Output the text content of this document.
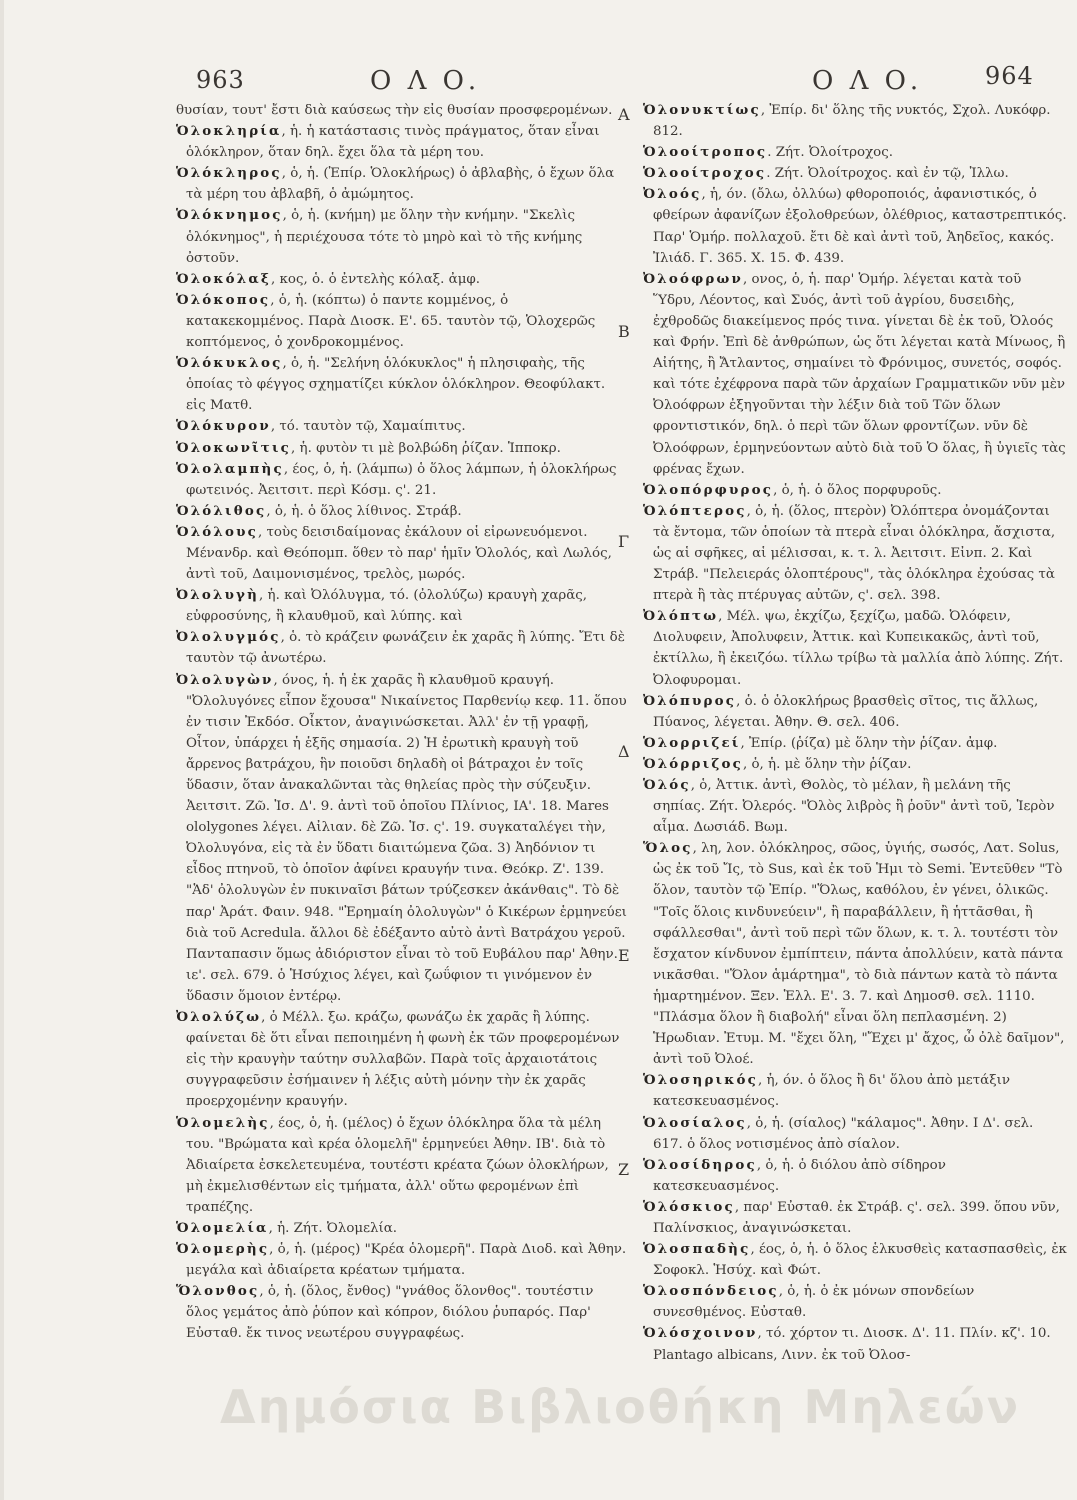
963	Ο Λ Ο.	Ο Λ Ο.	964
θυσίαν, τουτ' ἔστι διὰ καύσεως τὴν εἰς θυσίαν προσφερομένων.
Ὁλοκληρία, ἡ. ἡ κατάστασις τινὸς πράγματος, ὅταν εἶναι ὁλόκληρον, ὅταν δηλ. ἔχει ὅλα τὰ μέρη του.
Ὁλόκληρος, ὁ, ἡ. (Ἐπίρ. Ὁλοκλήρως) ὁ ἀβλαβὴς, ὁ ἔχων ὅλα τὰ μέρη του ἀβλαβῆ, ὁ ἀμώμητος.
Ὁλόκνημος, ὁ, ἡ. (κνήμη) με ὅλην τὴν κνήμην. "Σκελὶς ὁλόκνημος", ἡ περιέχουσα τότε τὸ μηρὸ καὶ τὸ τῆς κνήμης ὀστοῦν.
Ὁλοκόλαξ, κος, ὁ. ὁ ἐντελὴς κόλαξ. ἀμφ.
Ὁλόκοπος, ὁ, ἡ. (κόπτω) ὁ παντε κομμένος, ὁ κατακεκομμένος. Παρὰ Διοσκ. Ε'. 65. ταυτὸν τῷ, Ὁλοχερῶς κοπτόμενος, ὁ χονδροκομμένος.
Ὁλόκυκλος, ὁ, ἡ. "Σελήνη ὁλόκυκλος" ἡ πλησιφαὴς, τῆς ὁποίας τὸ φέγγος σχηματίζει κύκλον ὁλόκληρον. Θεοφύλακτ. εἰς Ματθ.
Ὁλόκυρον, τό. ταυτὸν τῷ, Χαμαίπιτυς.
Ὁλοκωνῖτις, ἡ. φυτὸν τι μὲ βολβώδη ῥίζαν. Ἱπποκρ.
Ὁλολαμπὴς, έος, ὁ, ἡ. (λάμπω) ὁ ὅλος λάμπων, ἡ ὁλοκλήρως φωτεινός. Ἀειτσιτ. περὶ Κόσμ. ς'. 21.
Ὁλόλιθος, ὁ, ἡ. ὁ ὅλος λίθινος. Στράβ.
Ὁλόλους, τοὺς δεισιδαίμονας ἐκάλουν οἱ εἰρωνευόμενοι. Μένανδρ. καὶ Θεόπομπ. ὅθεν τὸ παρ' ἡμῖν Ὁλολός, καὶ Λωλός, ἀντὶ τοῦ, Δαιμονισμένος, τρελὸς, μωρός.
Ὀλολυγὴ, ἡ. καὶ Ὀλόλυγμα, τό. (ὀλολύζω) κραυγὴ χαρᾶς, εὐφροσύνης, ἢ κλαυθμοῦ, καὶ λύπης. καὶ
Ὀλολυγμός, ὁ. τὸ κράζειν φωνάζειν ἐκ χαρᾶς ἢ λύπης. Ἔτι δὲ ταυτὸν τῷ ἀνωτέρω.
Ὀλολυγὼν, όνος, ἡ. ἡ ἐκ χαρᾶς ἢ κλαυθμοῦ κραυγή. "Ὀλολυγόνες εἶπον ἔχουσα" Νικαίνετος Παρθενίῳ κεφ. 11. ὅπου ἐν τισιν Ἐκδόσ. Οἶκτον, ἀναγινώσκεται. Ἀλλ' ἐν τῇ γραφῇ, Οἶτον, ὑπάρχει ἡ ἑξῆς σημασία. 2) Ἡ ἐρωτικὴ κραυγὴ τοῦ ἄρρενος βατράχου, ἣν ποιοῦσι δηλαδὴ οἱ βάτραχοι ἐν τοῖς ὕδασιν, ὅταν ἀνακαλῶνται τὰς θηλείας πρὸς τὴν σύζευξιν. Ἀειτσιτ. Ζῶ. Ἰσ. Δ'. 9. ἀντὶ τοῦ ὁποῖου Πλίνιος, ΙΑ'. 18. Mares ololygones λέγει. Αἰλιαν. δὲ Ζῶ. Ἱσ. ς'. 19. συγκαταλέγει τὴν, Ὀλολυγόνα, εἰς τὰ ἐν ὕδατι διαιτώμενα ζῶα. 3) Ἀηδόνιον τι εἶδος πτηνοῦ, τὸ ὁποῖον ἀφίνει κραυγήν τινα. Θεόκρ. Ζ'. 139. "Ἁδ' ὀλολυγὼν ἐν πυκιναῖσι βάτων τρύζεσκεν ἀκάνθαις". Τὸ δὲ παρ' Ἀράτ. Φαιν. 948. "Ἐρημαίη ὀλολυγὼν" ὁ Κικέρων ἑρμηνεύει διὰ τοῦ Acredula. ἄλλοι δὲ ἐδέξαντο αὐτὸ ἀντὶ Βατράχου γεροῦ. Πανταπασιν ὅμως ἀδιόριστον εἶναι τὸ τοῦ Ευβάλου παρ' Ἀθην. ιε'. σελ. 679. ὁ Ἡσύχιος λέγει, καὶ ζωΰφιον τι γινόμενον ἐν ὕδασιν ὅμοιον ἐντέρῳ.
Ὀλολύζω, ὁ Μέλλ. ξω. κράζω, φωνάζω ἐκ χαρᾶς ἢ λύπης. φαίνεται δὲ ὅτι εἶναι πεποιημένη ἡ φωνὴ ἐκ τῶν προφερομένων εἰς τὴν κραυγὴν ταύτην συλλαβῶν. Παρὰ τοῖς ἀρχαιοτάτοις συγγραφεῦσιν ἐσήμαινεν ἡ λέξις αὐτὴ μόνην τὴν ἐκ χαρᾶς προερχομένην κραυγήν.
Ὁλομελὴς, έος, ὁ, ἡ. (μέλος) ὁ ἔχων ὁλόκληρα ὅλα τὰ μέλη του. "Βρώματα καὶ κρέα ὁλομελῆ" ἑρμηνεύει Ἀθην. ΙΒ'. διὰ τὸ Ἀδιαίρετα ἐσκελετευμένα, τουτέστι κρέατα ζώων ὁλοκλήρων, μὴ ἐκμελισθέντων εἰς τμήματα, ἀλλ' οὕτω φερομένων ἐπὶ τραπέζης.
Ὁλομελία, ἡ. Ζήτ. Ὀλομελία.
Ὁλομερὴς, ὁ, ἡ. (μέρος) "Κρέα ὁλομερῆ". Παρὰ Διοδ. καὶ Ἀθην. μεγάλα καὶ ἀδιαίρετα κρέατων τμήματα.
Ὅλονθος, ὁ, ἡ. (ὅλος, ἔνθος) "γνάθος ὅλονθος". τουτέστιν ὅλος γεμάτος ἀπὸ ῥύπον καὶ κόπρον, διόλου ῥυπαρός. Παρ' Εὐσταθ. ἔκ τινος νεωτέρου συγγραφέως.
Α
Β
Γ
Δ
Ε
Ζ
Ὁλονυκτίως, Ἐπίρ. δι' ὅλης τῆς νυκτός, Σχολ. Λυκόφρ. 812.
Ὁλοοίτροπος. Ζήτ. Ὀλοίτροχος.
Ὁλοοίτροχος. Ζήτ. Ὀλοίτροχος. καὶ ἐν τῷ, Ἰλλω.
Ὀλοός, ἡ, όν. (ὄλω, ὀλλύω) φθοροποιός, ἀφανιστικός, ὁ φθείρων ἀφανίζων ἐξολοθρεύων, ὀλέθριος, καταστρεπτικός. Παρ' Ὁμήρ. πολλαχοῦ. ἔτι δὲ καὶ ἀντὶ τοῦ, Ἀηδεῖος, κακός. Ἰλιάδ. Γ. 365. Χ. 15. Φ. 439.
Ὀλοόφρων, ονος, ὁ, ἡ. παρ' Ὁμήρ. λέγεται κατὰ τοῦ Ὕδρυ, Λέοντος, καὶ Συός, ἀντὶ τοῦ ἀγρίου, δυσειδὴς, ἐχθροδῶς διακείμενος πρός τινα. γίνεται δὲ ἐκ τοῦ, Ὀλοός καὶ Φρήν. Ἐπὶ δὲ ἀνθρώπων, ὡς ὅτι λέγεται κατὰ Μίνωος, ἢ Αἰήτης, ἢ Ἄτλαντος, σημαίνει τὸ Φρόνιμος, συνετός, σοφός. καὶ τότε ἐχέφρονα παρὰ τῶν ἀρχαίων Γραμματικῶν νῦν μὲν Ὀλοόφρων ἐξηγοῦνται τὴν λέξιν διὰ τοῦ Τῶν ὅλων φροντιστικόν, δηλ. ὁ περὶ τῶν ὅλων φροντίζων. νῦν δὲ Ὀλοόφρων, ἑρμηνεύοντων αὐτὸ διὰ τοῦ Ὁ ὅλας, ἢ ὑγιεῖς τὰς φρένας ἔχων.
Ὁλοπόρφυρος, ὁ, ἡ. ὁ ὅλος πορφυροῦς.
Ὁλόπτερος, ὁ, ἡ. (ὅλος, πτερὸν) Ὀλόπτερα ὀνομάζονται τὰ ἔντομα, τῶν ὁποίων τὰ πτερὰ εἶναι ὁλόκληρα, ἄσχιστα, ὡς αἱ σφῆκες, αἱ μέλισσαι, κ. τ. λ. Ἀειτσιτ. Εἰνπ. 2. Καὶ Στράβ. "Πελειεράς ὁλοπτέρους", τὰς ὁλόκληρα ἐχούσας τὰ πτερὰ ἢ τὰς πτέρυγας αὐτῶν, ς'. σελ. 398.
Ὀλόπτω, Μέλ. ψω, ἐκχίζω, ξεχίζω, μαδῶ. Ὀλόφειν, Διολυφειν, Ἀπολυφειν, Ἀττικ. καὶ Κυπεικακῶς, ἀντὶ τοῦ, ἐκτίλλω, ἢ ἐκειζόω. τίλλω τρίβω τὰ μαλλία ἀπὸ λύπης. Ζήτ. Ὀλοφυρομαι.
Ὀλόπυρος, ὁ. ὁ ὁλοκλήρως βρασθεὶς σῖτος, τις ἄλλως, Πύανος, λέγεται. Ἀθην. Θ. σελ. 406.
Ὁλορριζεί, Ἐπίρ. (ῥίζα) μὲ ὅλην τὴν ῥίζαν. ἀμφ.
Ὁλόρριζος, ὁ, ἡ. μὲ ὅλην τὴν ῥίζαν.
Ὁλός, ὁ, Ἀττικ. ἀντὶ, Θολὸς, τὸ μέλαν, ἢ μελάνη τῆς σηπίας. Ζήτ. Ὀλερός. "Ὀλὸς λιβρὸς ἢ ῥοῦν" ἀντὶ τοῦ, Ἱερὸν αἷμα. Δωσιάδ. Βωμ.
Ὅλος, λη, λον. ὁλόκληρος, σῶος, ὑγιής, σωσός, Λατ. Solus, ὡς ἐκ τοῦ Ἴς, τὸ Sus, καὶ ἐκ τοῦ Ἡμι τὸ Semi. Ἐντεῦθεν "Τὸ ὅλον, ταυτὸν τῷ Ἐπίρ. "Ὅλως, καθόλου, ἐν γένει, ὁλικῶς. "Τοῖς ὅλοις κινδυνεύειν", ἢ παραβάλλειν, ἢ ἡττᾶσθαι, ἢ σφάλλεσθαι", ἀντὶ τοῦ περὶ τῶν ὅλων, κ. τ. λ. τουτέστι τὸν ἔσχατον κίνδυνον ἐμπίπτειν, πάντα ἀπολλύειν, κατὰ πάντα νικᾶσθαι. "Ὅλον ἁμάρτημα", τὸ διὰ πάντων κατὰ τὸ πάντα ἡμαρτημένον. Ξεν. Ἑλλ. Ε'. 3. 7. καὶ Δημοσθ. σελ. 1110. "Πλάσμα ὅλον ἢ διαβολή" εἶναι ὅλη πεπλασμένη. 2) Ἡρωδιαν. Ἐτυμ. Μ. "ἔχει ὅλη, "Ἔχει μ' ἄχος, ὦ ὀλὲ δαῖμον", ἀντὶ τοῦ Ὀλοέ.
Ὁλοσηρικός, ἡ, όν. ὁ ὅλος ἢ δι' ὅλου ἀπὸ μετάξιν κατεσκευασμένος.
Ὁλοσίαλος, ὁ, ἡ. (σίαλος) "κάλαμος". Ἀθην. Ι Δ'. σελ. 617. ὁ ὅλος νοτισμένος ἀπὸ σίαλον.
Ὁλοσίδηρος, ὁ, ἡ. ὁ διόλου ἀπὸ σίδηρον κατεσκευασμένος.
Ὁλόσκιος, παρ' Εὐσταθ. ἐκ Στράβ. ς'. σελ. 399. ὅπου νῦν, Παλίνσκιος, ἀναγινώσκεται.
Ὁλοσπαδὴς, έος, ὁ, ἡ. ὁ ὅλος ἑλκυσθεὶς κατασπασθεὶς, ἐκ Σοφοκλ. Ἡσύχ. καὶ Φώτ.
Ὁλοσπόνδειος, ὁ, ἡ. ὁ ἐκ μόνων σπονδείων συνεσθμένος. Εὐσταθ.
Ὁλόσχοινον, τό. χόρτον τι. Διοσκ. Δ'. 11. Πλίν. κζ'. 10. Plantago albicans, Λινν. ἐκ τοῦ Ὀλοσ-
Δημόσια Βιβλιοθήκη Μηλεών
